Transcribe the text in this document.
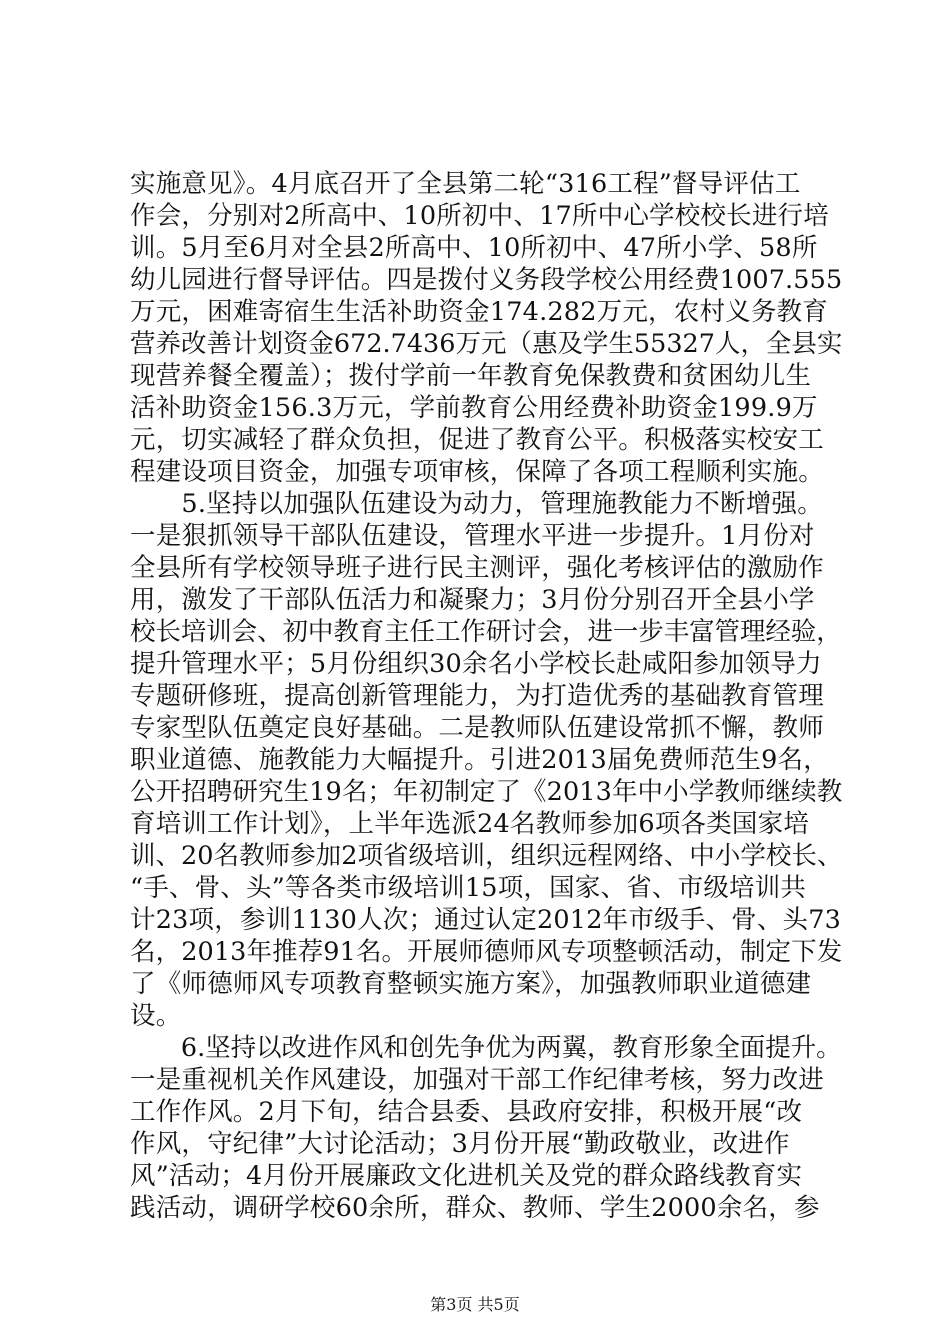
实施意见》。4月底召开了全县第二轮“316工程”督导评估工
作会，分别对2所高中、10所初中、17所中心学校校长进行培
训。5月至6月对全县2所高中、10所初中、47所小学、58所
幼儿园进行督导评估。四是拨付义务段学校公用经费1007.555
万元，困难寄宿生生活补助资金174.282万元，农村义务教育
营养改善计划资金672.7436万元（惠及学生55327人，全县实
现营养餐全覆盖）；拨付学前一年教育免保教费和贫困幼儿生
活补助资金156.3万元，学前教育公用经费补助资金199.9万
元，切实减轻了群众负担，促进了教育公平。积极落实校安工
程建设项目资金，加强专项审核，保障了各项工程顺利实施。
　　5.坚持以加强队伍建设为动力，管理施教能力不断增强。
一是狠抓领导干部队伍建设，管理水平进一步提升。1月份对
全县所有学校领导班子进行民主测评，强化考核评估的激励作
用，激发了干部队伍活力和凝聚力；3月份分别召开全县小学
校长培训会、初中教育主任工作研讨会，进一步丰富管理经验，
提升管理水平；5月份组织30余名小学校长赴咸阳参加领导力
专题研修班，提高创新管理能力，为打造优秀的基础教育管理
专家型队伍奠定良好基础。二是教师队伍建设常抓不懈，教师
职业道德、施教能力大幅提升。引进2013届免费师范生9名，
公开招聘研究生19名；年初制定了《2013年中小学教师继续教
育培训工作计划》，上半年选派24名教师参加6项各类国家培
训、20名教师参加2项省级培训，组织远程网络、中小学校长、
“手、骨、头”等各类市级培训15项，国家、省、市级培训共
计23项，参训1130人次；通过认定2012年市级手、骨、头73
名，2013年推荐91名。开展师德师风专项整顿活动，制定下发
了《师德师风专项教育整顿实施方案》，加强教师职业道德建
设。
　　6.坚持以改进作风和创先争优为两翼，教育形象全面提升。
一是重视机关作风建设，加强对干部工作纪律考核，努力改进
工作作风。2月下旬，结合县委、县政府安排，积极开展“改
作风，守纪律”大讨论活动；3月份开展“勤政敬业，改进作
风”活动；4月份开展廉政文化进机关及党的群众路线教育实
践活动，调研学校60余所，群众、教师、学生2000余名，参
第3页 共5页
